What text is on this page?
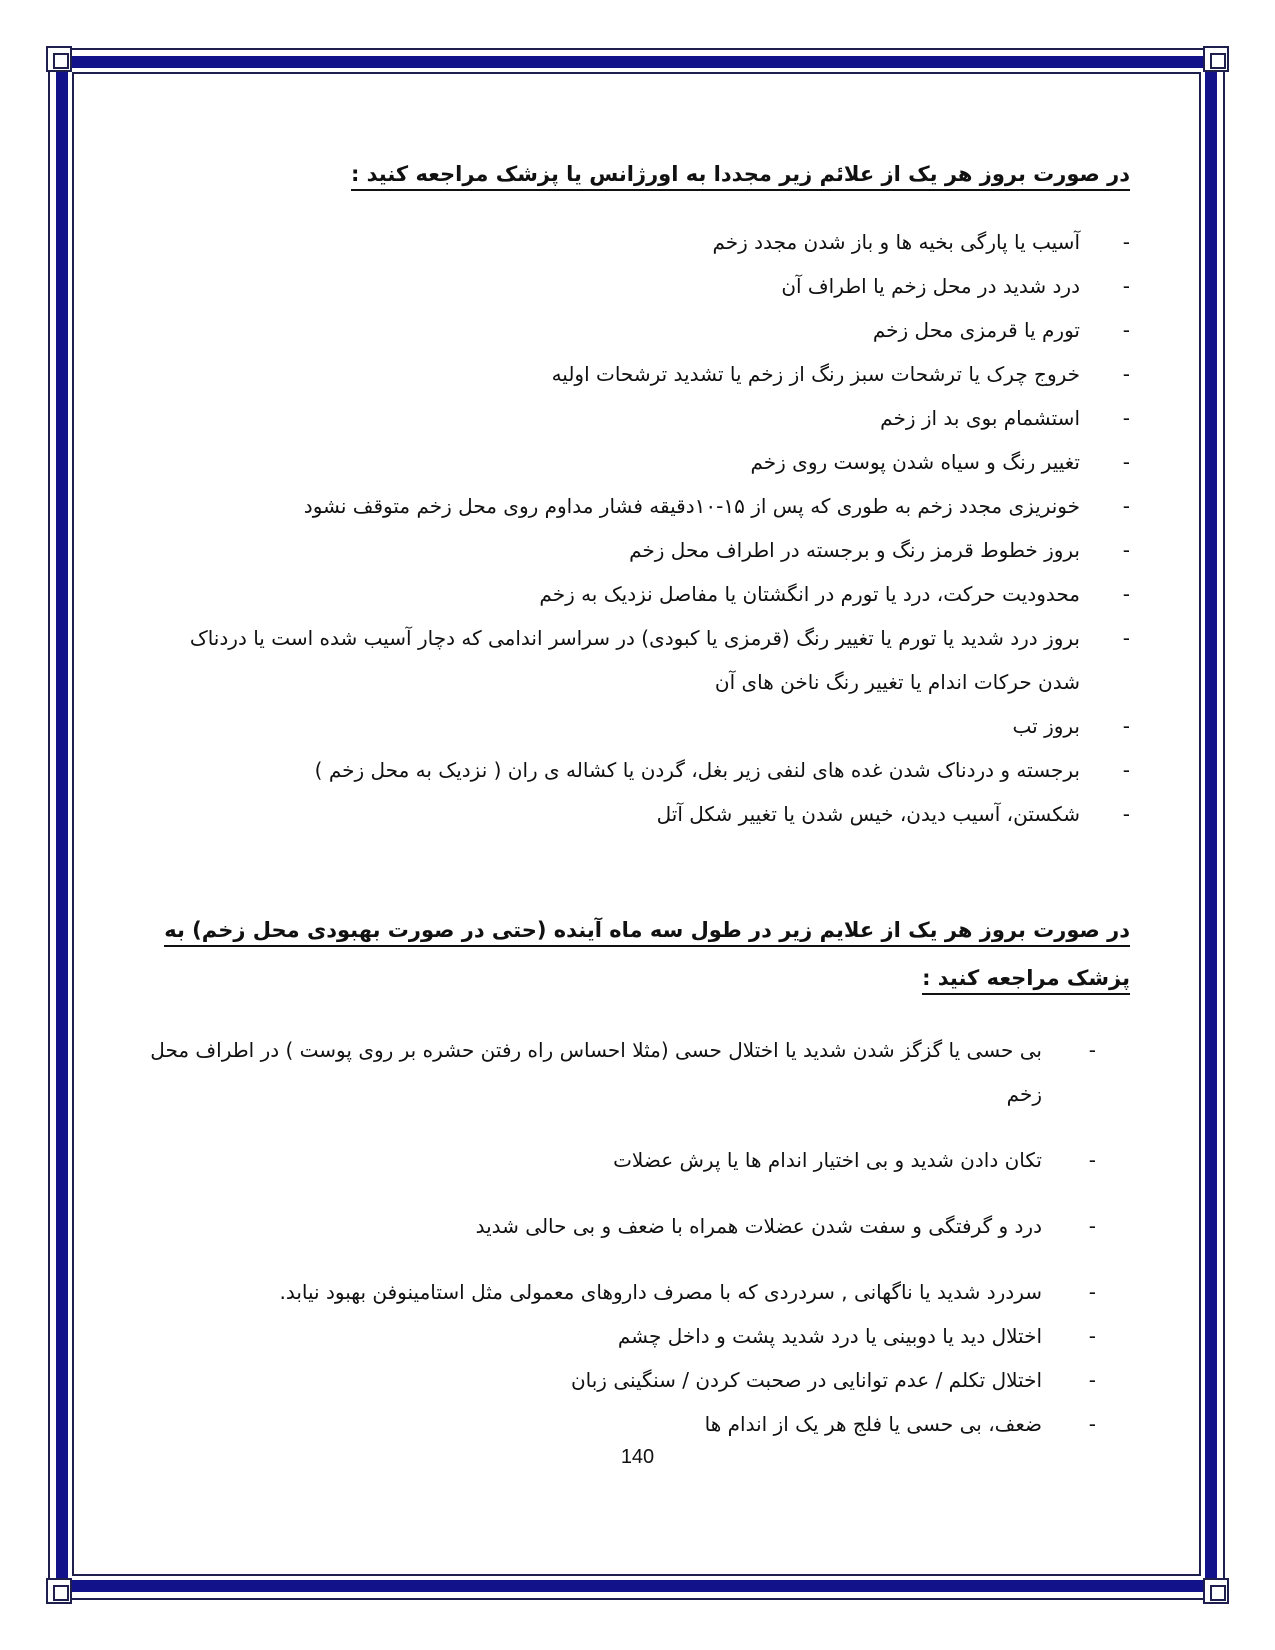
در صورت بروز هر یک از علائم زیر مجددا به اورژانس یا پزشک مراجعه کنید :
-
آسیب یا پارگی بخیه ها و باز شدن مجدد زخم
-
درد شدید در محل زخم یا اطراف آن
-
تورم یا قرمزی محل زخم
-
خروج چرک یا ترشحات سبز رنگ از زخم یا تشدید ترشحات اولیه
-
استشمام بوی بد از زخم
-
تغییر رنگ و سیاه شدن پوست روی زخم
-
خونریزی مجدد زخم به طوری که پس از ۱۵-۱۰دقیقه فشار مداوم روی محل زخم متوقف نشود
-
بروز خطوط قرمز رنگ و برجسته در اطراف محل زخم
-
محدودیت حرکت، درد یا تورم در انگشتان یا مفاصل نزدیک به زخم
-
بروز درد شدید یا تورم یا تغییر رنگ (قرمزی یا کبودی) در سراسر اندامی که دچار آسیب شده است یا دردناک شدن حرکات اندام یا تغییر رنگ ناخن های آن
-
بروز تب
-
برجسته و دردناک شدن غده های لنفی زیر بغل، گردن یا کشاله ی ران ( نزدیک به محل زخم )
-
شکستن، آسیب دیدن، خیس شدن یا تغییر شکل آتل
در صورت بروز هر یک از علایم زیر در طول سه ماه آینده (حتی در صورت بهبودی محل زخم) به پزشک مراجعه کنید :
-
بی حسی یا گزگز شدن شدید یا اختلال حسی (مثلا احساس راه رفتن حشره بر روی پوست ) در اطراف محل زخم
-
تکان دادن شدید و بی اختیار اندام ها یا پرش عضلات
-
درد و گرفتگی و سفت شدن عضلات همراه با ضعف و بی حالی شدید
-
سردرد شدید یا ناگهانی , سردردی که با مصرف داروهای معمولی مثل استامینوفن بهبود نیابد.
-
اختلال دید یا دوبینی یا درد شدید پشت و داخل چشم
-
اختلال تکلم / عدم توانایی در صحبت کردن / سنگینی زبان
-
ضعف، بی حسی یا فلج هر یک از اندام ها
140
